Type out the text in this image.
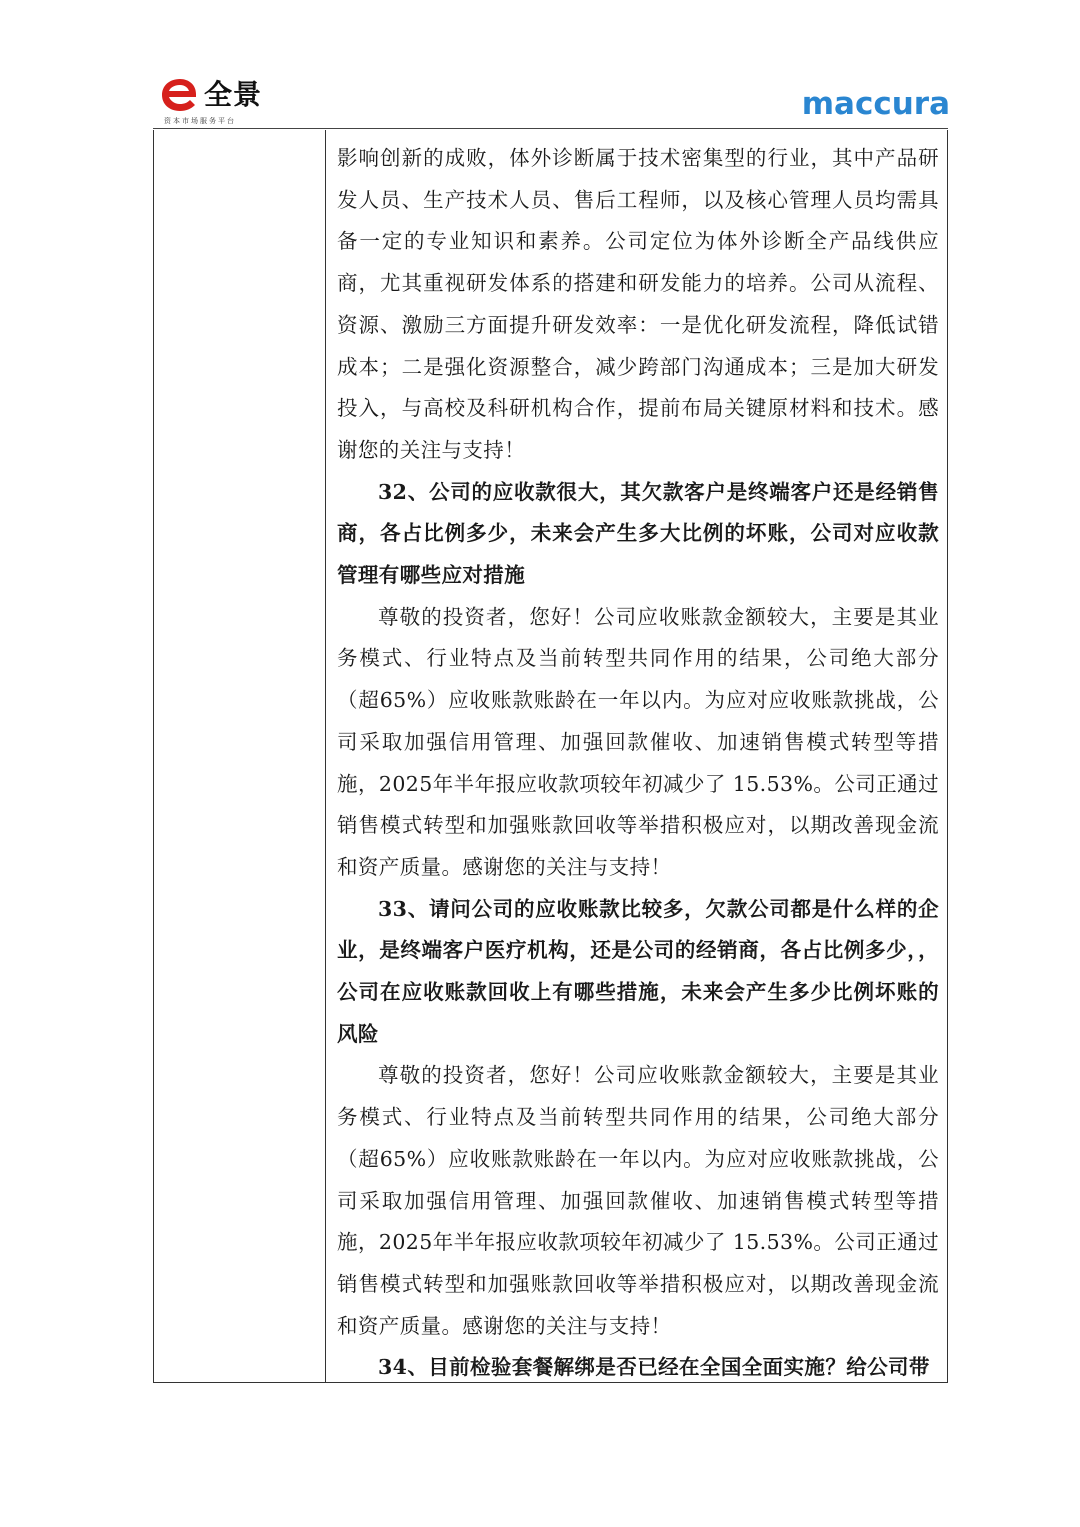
全景
资本市场服务平台	maccura

影响创新的成败，体外诊断属于技术密集型的行业，其中产品研发人员、生产技术人员、售后工程师，以及核心管理人员均需具备一定的专业知识和素养。公司定位为体外诊断全产品线供应商，尤其重视研发体系的搭建和研发能力的培养。公司从流程、资源、激励三方面提升研发效率：一是优化研发流程，降低试错成本；二是强化资源整合，减少跨部门沟通成本；三是加大研发投入，与高校及科研机构合作，提前布局关键原材料和技术。感谢您的关注与支持！

32、公司的应收款很大，其欠款客户是终端客户还是经销售商，各占比例多少，未来会产生多大比例的坏账，公司对应收款管理有哪些应对措施

尊敬的投资者，您好！公司应收账款金额较大，主要是其业务模式、行业特点及当前转型共同作用的结果，公司绝大部分（超65%）应收账款账龄在一年以内。为应对应收账款挑战，公司采取加强信用管理、加强回款催收、加速销售模式转型等措施，2025年半年报应收款项较年初减少了 15.53%。公司正通过销售模式转型和加强账款回收等举措积极应对，以期改善现金流和资产质量。感谢您的关注与支持！

33、请问公司的应收账款比较多，欠款公司都是什么样的企业，是终端客户医疗机构，还是公司的经销商，各占比例多少，，公司在应收账款回收上有哪些措施，未来会产生多少比例坏账的风险

尊敬的投资者，您好！公司应收账款金额较大，主要是其业务模式、行业特点及当前转型共同作用的结果，公司绝大部分（超65%）应收账款账龄在一年以内。为应对应收账款挑战，公司采取加强信用管理、加强回款催收、加速销售模式转型等措施，2025年半年报应收款项较年初减少了 15.53%。公司正通过销售模式转型和加强账款回收等举措积极应对，以期改善现金流和资产质量。感谢您的关注与支持！

34、目前检验套餐解绑是否已经在全国全面实施？给公司带
